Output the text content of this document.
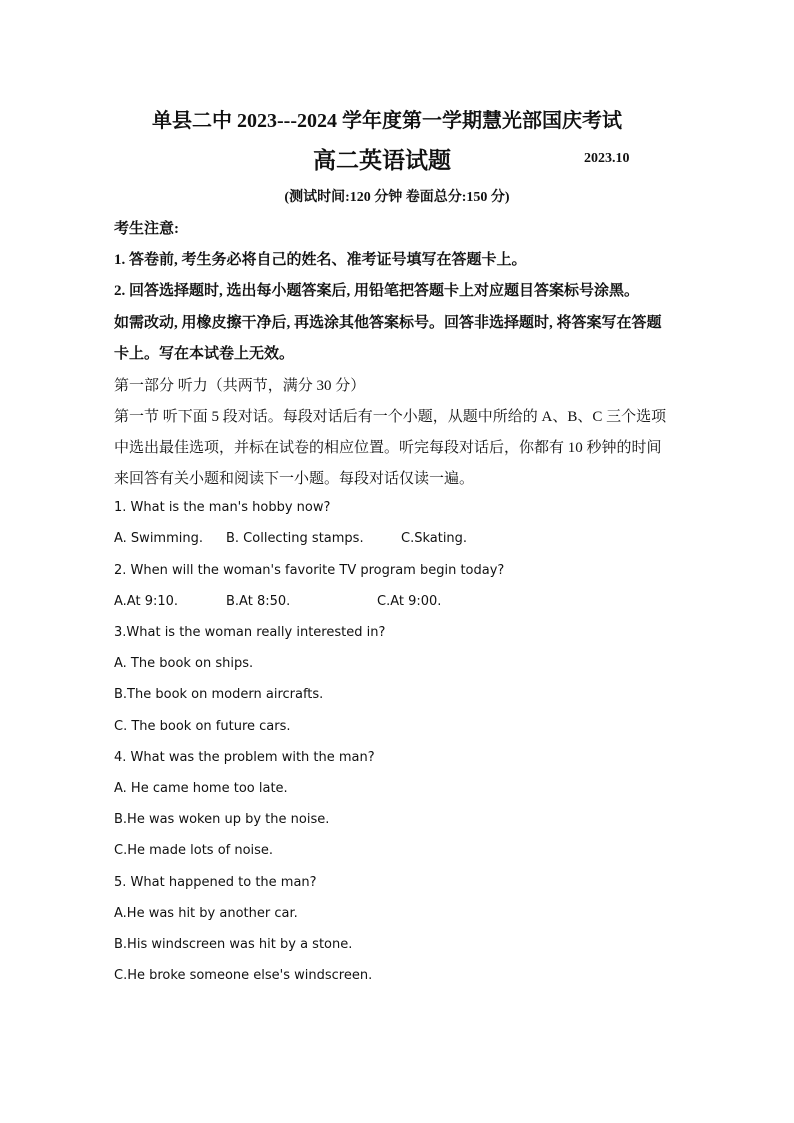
单县二中 2023---2024 学年度第一学期慧光部国庆考试
高二英语试题	2023.10
(测试时间:120 分钟 卷面总分:150 分)
考生注意:
1. 答卷前, 考生务必将自己的姓名、准考证号填写在答题卡上。
2. 回答选择题时, 选出每小题答案后, 用铅笔把答题卡上对应题目答案标号涂黑。
如需改动, 用橡皮擦干净后, 再选涂其他答案标号。回答非选择题时, 将答案写在答题
卡上。写在本试卷上无效。
第一部分 听力（共两节，满分 30 分）
第一节 听下面 5 段对话。每段对话后有一个小题，从题中所给的 A、B、C 三个选项
中选出最佳选项，并标在试卷的相应位置。听完每段对话后，你都有 10 秒钟的时间
来回答有关小题和阅读下一小题。每段对话仅读一遍。
1. What is the man's hobby now?
A. Swimming. B. Collecting stamps.	C.Skating.
2. When will the woman's favorite TV program begin today?
A.At 9:10.	B.At 8:50.	C.At 9:00.
3.What is the woman really interested in?
A. The book on ships.
B.The book on modern aircrafts.
C. The book on future cars.
4. What was the problem with the man?
A. He came home too late.
B.He was woken up by the noise.
C.He made lots of noise.
5. What happened to the man?
A.He was hit by another car.
B.His windscreen was hit by a stone.
C.He broke someone else's windscreen.
